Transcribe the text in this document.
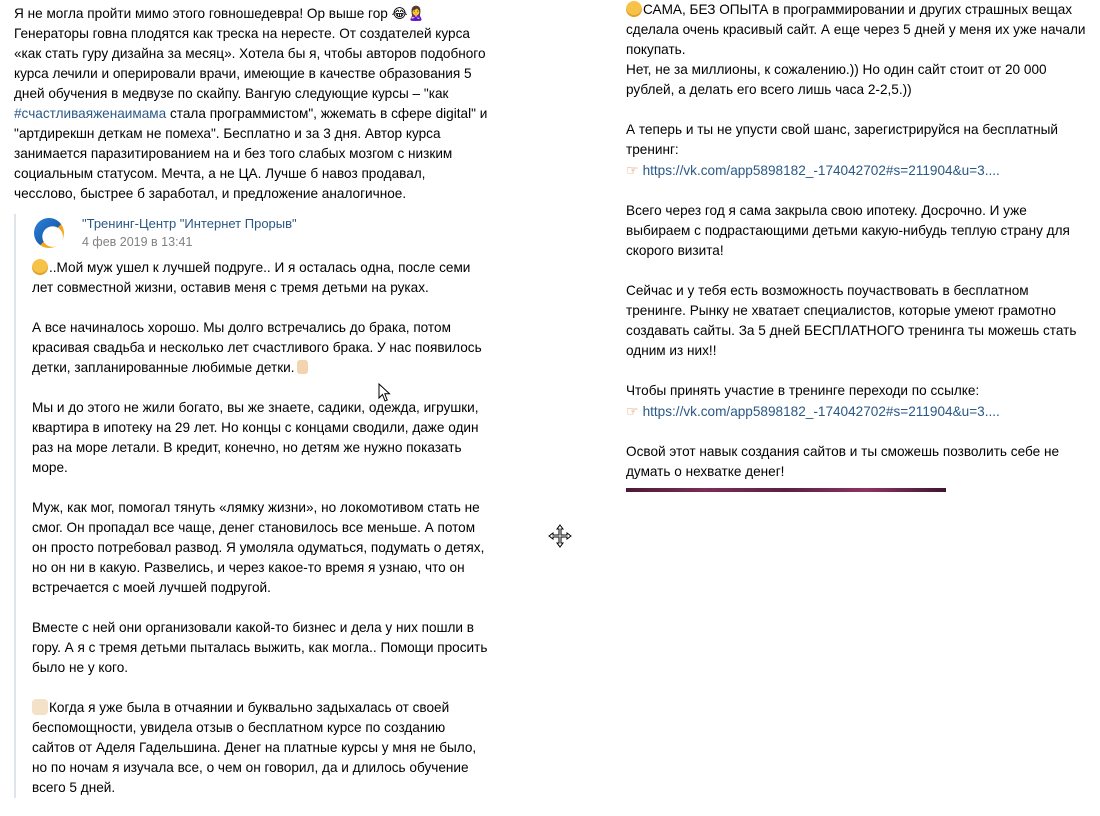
Я не могла пройти мимо этого говношедевра! Ор выше гор 😂🙎‍♀️ Генераторы говна плодятся как треска на нересте. От создателей курса «как стать гуру дизайна за месяц». Хотела бы я, чтобы авторов подобного курса лечили и оперировали врачи, имеющие в качестве образования 5 дней обучения в медвузе по скайпу. Вангую следующие курсы – "как #счастливаяженаимама стала программистом", жжемать в сфере digital" и "артдирекшн деткам не помеха". Бесплатно и за 3 дня. Автор курса занимается паразитированием на и без того слабых мозгом с низким социальным статусом. Мечта, а не ЦА. Лучше б навоз продавал, чесслово, быстрее б заработал, и предложение аналогичное.

"Тренинг-Центр "Интернет Прорыв"
4 фев 2019 в 13:41

..Мой муж ушел к лучшей подруге.. И я осталась одна, после семи лет совместной жизни, оставив меня с тремя детьми на руках.

А все начиналось хорошо. Мы долго встречались до брака, потом красивая свадьба и несколько лет счастливого брака. У нас появилось детки, запланированные любимые детки.

Мы и до этого не жили богато, вы же знаете, садики, одежда, игрушки, квартира в ипотеку на 29 лет. Но концы с концами сводили, даже один раз на море летали. В кредит, конечно, но детям же нужно показать море.

Муж, как мог, помогал тянуть «лямку жизни», но локомотивом стать не смог. Он пропадал все чаще, денег становилось все меньше. А потом он просто потребовал развод. Я умоляла одуматься, подумать о детях, но он ни в какую. Развелись, и через какое-то время я узнаю, что он встречается с моей лучшей подругой.

Вместе с ней они организовали какой-то бизнес и дела у них пошли в гору. А я с тремя детьми пыталась выжить, как могла.. Помощи просить было не у кого.

Когда я уже была в отчаянии и буквально задыхалась от своей беспомощности, увидела отзыв о бесплатном курсе по созданию сайтов от Аделя Гадельшина. Денег на платные курсы у мня не было, но по ночам я изучала все, о чем он говорил, да и длилось обучение всего 5 дней.

САМА, БЕЗ ОПЫТА в программировании и других страшных вещах сделала очень красивый сайт. А еще через 5 дней у меня их уже начали покупать.
Нет, не за миллионы, к сожалению.)) Но один сайт стоит от 20 000 рублей, а делать его всего лишь часа 2-2,5.))

А теперь и ты не упусти свой шанс, зарегистрируйся на бесплатный тренинг:
☞ https://vk.com/app5898182_-174042702#s=211904&u=3....

Всего через год я сама закрыла свою ипотеку. Досрочно. И уже выбираем с подрастающими детьми какую-нибудь теплую страну для скорого визита!

Сейчас и у тебя есть возможность поучаствовать в бесплатном тренинге. Рынку не хватает специалистов, которые умеют грамотно создавать сайты. За 5 дней БЕСПЛАТНОГО тренинга ты можешь стать одним из них!!

Чтобы принять участие в тренинге переходи по ссылке:
☞ https://vk.com/app5898182_-174042702#s=211904&u=3....

Освой этот навык создания сайтов и ты сможешь позволить себе не думать о нехватке денег!
